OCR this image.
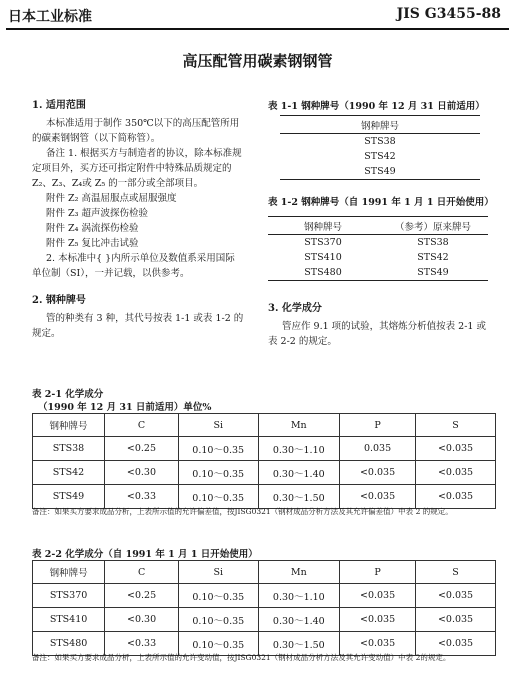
日本工业标准	JIS G3455-88
高压配管用碳素钢钢管
1. 适用范围

本标准适用于制作 350℃以下的高压配管所用的碳素钢钢管（以下简称管）。

备注 1. 根据买方与制造者的协议，除本标准规定项目外，买方还可指定附件中特殊品质规定的 Z₂、Z₃、Z₄或 Z₅ 的一部分或全部项目。

附件 Z₂ 高温屈服点或屈服强度

附件 Z₃ 超声波探伤检验

附件 Z₄ 涡流探伤检验

附件 Z₅ 复比冲击试验

2. 本标准中{ }内所示单位及数值系采用国际单位制（SI），一并记载，以供参考。

2. 钢种牌号

管的种类有 3 种，其代号按表 1-1 或表 1-2 的规定。

表 1-1 钢种牌号（1990 年 12 月 31 日前适用）
钢种牌号
STS38
STS42
STS49
表 1-2 钢种牌号（自 1991 年 1 月 1 日开始使用）
钢种牌号	（参考）原来牌号
STS370	STS38
STS410	STS42
STS480	STS49
3. 化学成分

管应作 9.1 项的试验，其熔炼分析值按表 2-1 或表 2-2 的规定。

表 2-1 化学成分
（1990 年 12 月 31 日前适用）单位%
钢种牌号	C	Si	Mn	P	S
STS38	<0.25	0.10～0.35	0.30～1.10	0.035	<0.035
STS42	<0.30	0.10～0.35	0.30～1.40	<0.035	<0.035
STS49	<0.33	0.10～0.35	0.30～1.50	<0.035	<0.035
备注：如果买方要求成品分析，上表所示值的允许偏差值，按JISG0321（钢材成品分析方法及其允许偏差值）中表 2 的规定。
表 2-2 化学成分（自 1991 年 1 月 1 日开始使用）
钢种牌号	C	Si	Mn	P	S
STS370	<0.25	0.10～0.35	0.30～1.10	<0.035	<0.035
STS410	<0.30	0.10～0.35	0.30～1.40	<0.035	<0.035
STS480	<0.33	0.10～0.35	0.30～1.50	<0.035	<0.035
备注：如果买方要求成品分析，上表所示值的允许变动值，按JISG0321（钢材成品分析方法及其允许变动值）中表 2的规定。
